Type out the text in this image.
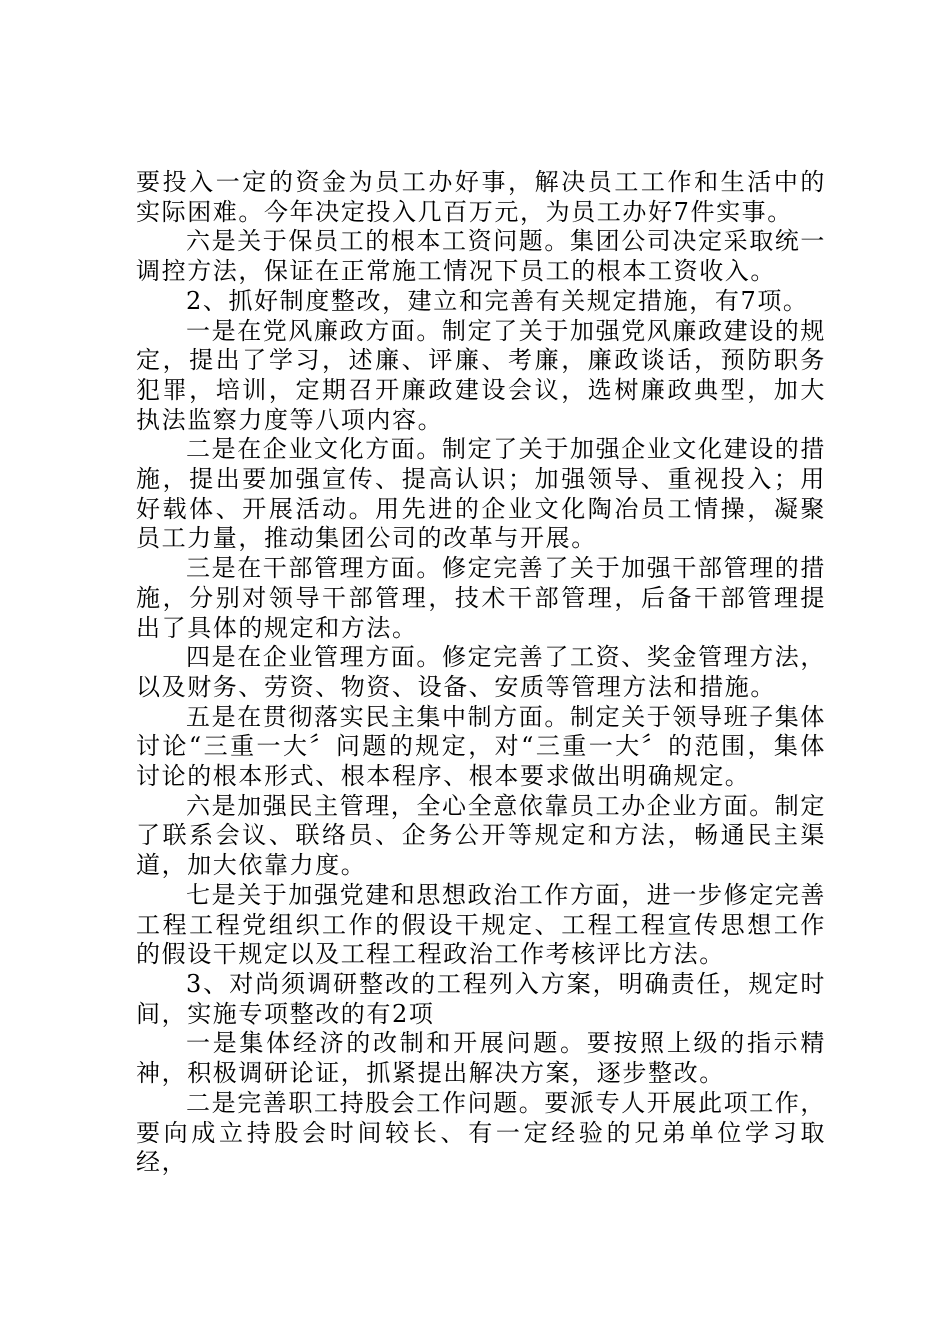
要投入一定的资金为员工办好事，解决员工工作和生活中的实际困难。今年决定投入几百万元，为员工办好7件实事。

六是关于保员工的根本工资问题。集团公司决定采取统一调控方法，保证在正常施工情况下员工的根本工资收入。

2、抓好制度整改，建立和完善有关规定措施，有7项。

一是在党风廉政方面。制定了关于加强党风廉政建设的规定，提出了学习，述廉、评廉、考廉，廉政谈话，预防职务犯罪，培训，定期召开廉政建设会议，选树廉政典型，加大执法监察力度等八项内容。

二是在企业文化方面。制定了关于加强企业文化建设的措施，提出要加强宣传、提高认识；加强领导、重视投入；用好载体、开展活动。用先进的企业文化陶冶员工情操，凝聚员工力量，推动集团公司的改革与开展。

三是在干部管理方面。修定完善了关于加强干部管理的措施，分别对领导干部管理，技术干部管理，后备干部管理提出了具体的规定和方法。

四是在企业管理方面。修定完善了工资、奖金管理方法，以及财务、劳资、物资、设备、安质等管理方法和措施。

五是在贯彻落实民主集中制方面。制定关于领导班子集体讨论“三重一大〞问题的规定，对“三重一大〞的范围，集体讨论的根本形式、根本程序、根本要求做出明确规定。

六是加强民主管理，全心全意依靠员工办企业方面。制定了联系会议、联络员、企务公开等规定和方法，畅通民主渠道，加大依靠力度。

七是关于加强党建和思想政治工作方面，进一步修定完善工程工程党组织工作的假设干规定、工程工程宣传思想工作的假设干规定以及工程工程政治工作考核评比方法。

3、对尚须调研整改的工程列入方案，明确责任，规定时间，实施专项整改的有2项

一是集体经济的改制和开展问题。要按照上级的指示精神，积极调研论证，抓紧提出解决方案，逐步整改。

二是完善职工持股会工作问题。要派专人开展此项工作，要向成立持股会时间较长、有一定经验的兄弟单位学习取经，
